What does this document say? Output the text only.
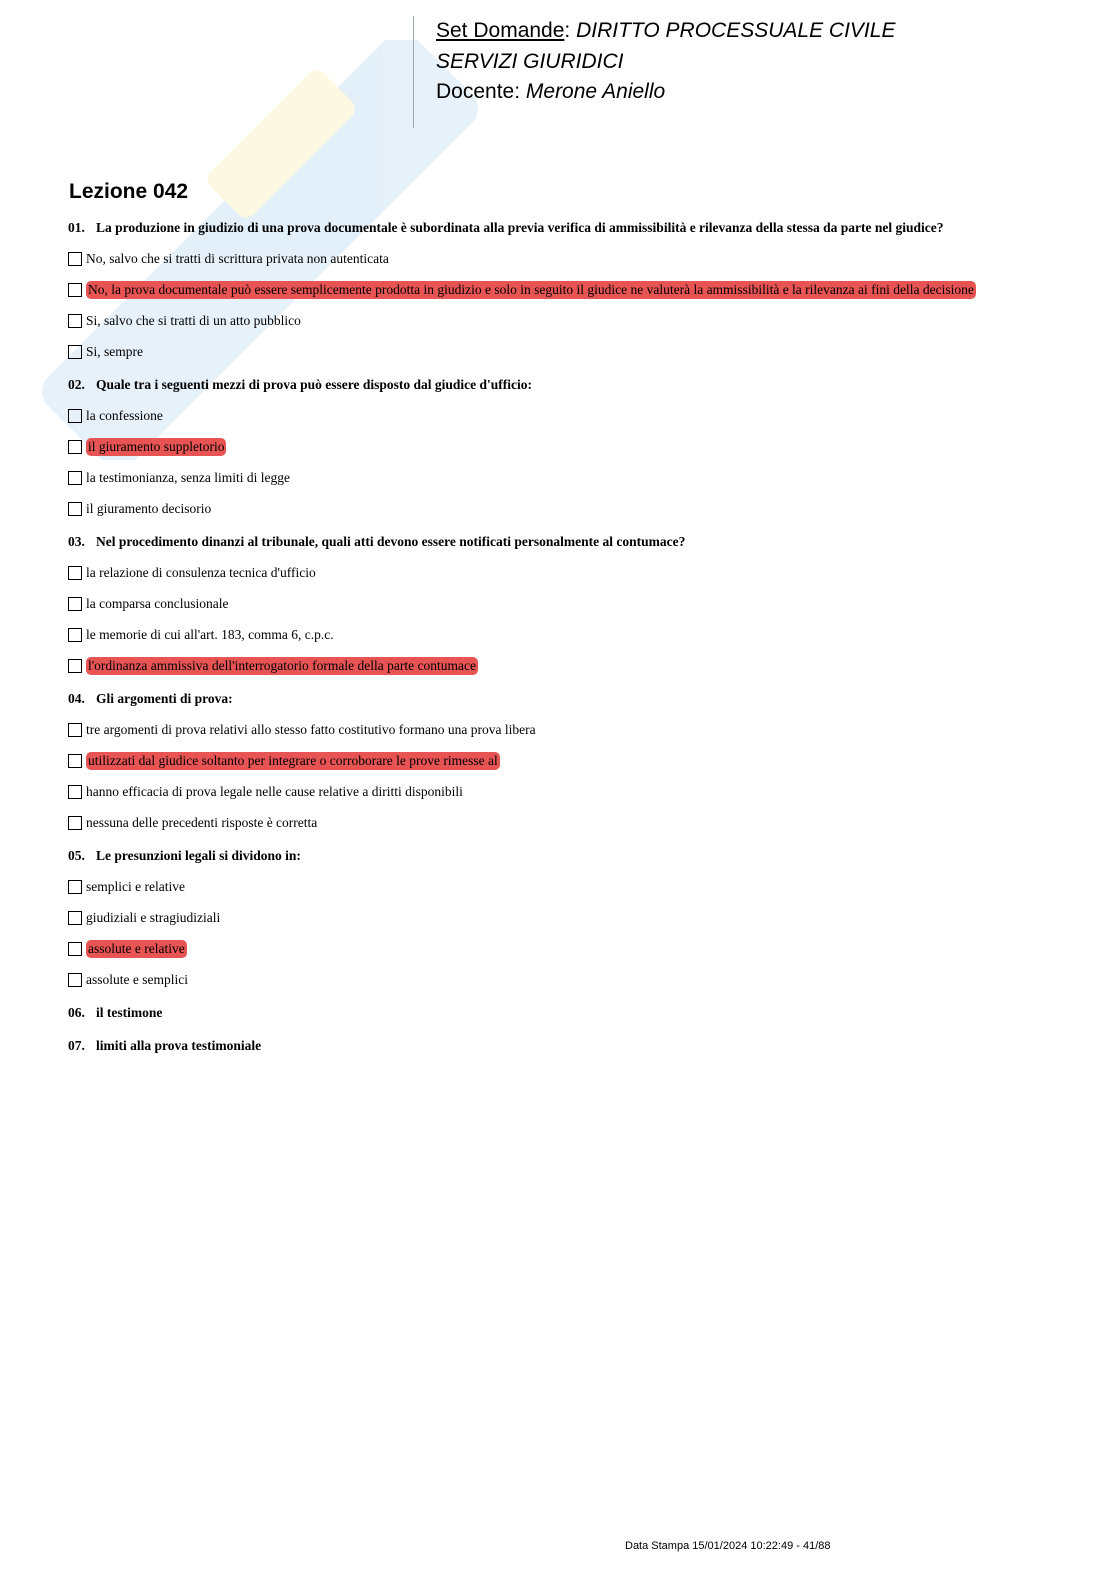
Set Domande: DIRITTO PROCESSUALE CIVILE
SERVIZI GIURIDICI
Docente: Merone Aniello
Lezione 042
01. La produzione in giudizio di una prova documentale è subordinata alla previa verifica di ammissibilità e rilevanza della stessa da parte nel giudice?
No, salvo che si tratti di scrittura privata non autenticata
No, la prova documentale può essere semplicemente prodotta in giudizio e solo in seguito il giudice ne valuterà la ammissibilità e la rilevanza ai fini della decisione
Si, salvo che si tratti di un atto pubblico
Si, sempre
02. Quale tra i seguenti mezzi di prova può essere disposto dal giudice d'ufficio:
la confessione
il giuramento suppletorio
la testimonianza, senza limiti di legge
il giuramento decisorio
03. Nel procedimento dinanzi al tribunale, quali atti devono essere notificati personalmente al contumace?
la relazione di consulenza tecnica d'ufficio
la comparsa conclusionale
le memorie di cui all'art. 183, comma 6, c.p.c.
l'ordinanza ammissiva dell'interrogatorio formale della parte contumace
04. Gli argomenti di prova:
tre argomenti di prova relativi allo stesso fatto costitutivo formano una prova libera
utilizzati dal giudice soltanto per integrare o corroborare le prove rimesse al
hanno efficacia di prova legale nelle cause relative a diritti disponibili
nessuna delle precedenti risposte è corretta
05. Le presunzioni legali si dividono in:
semplici e relative
giudiziali e stragiudiziali
assolute e relative
assolute e semplici
06. il testimone
07. limiti alla prova testimoniale
Data Stampa 15/01/2024 10:22:49 - 41/88
